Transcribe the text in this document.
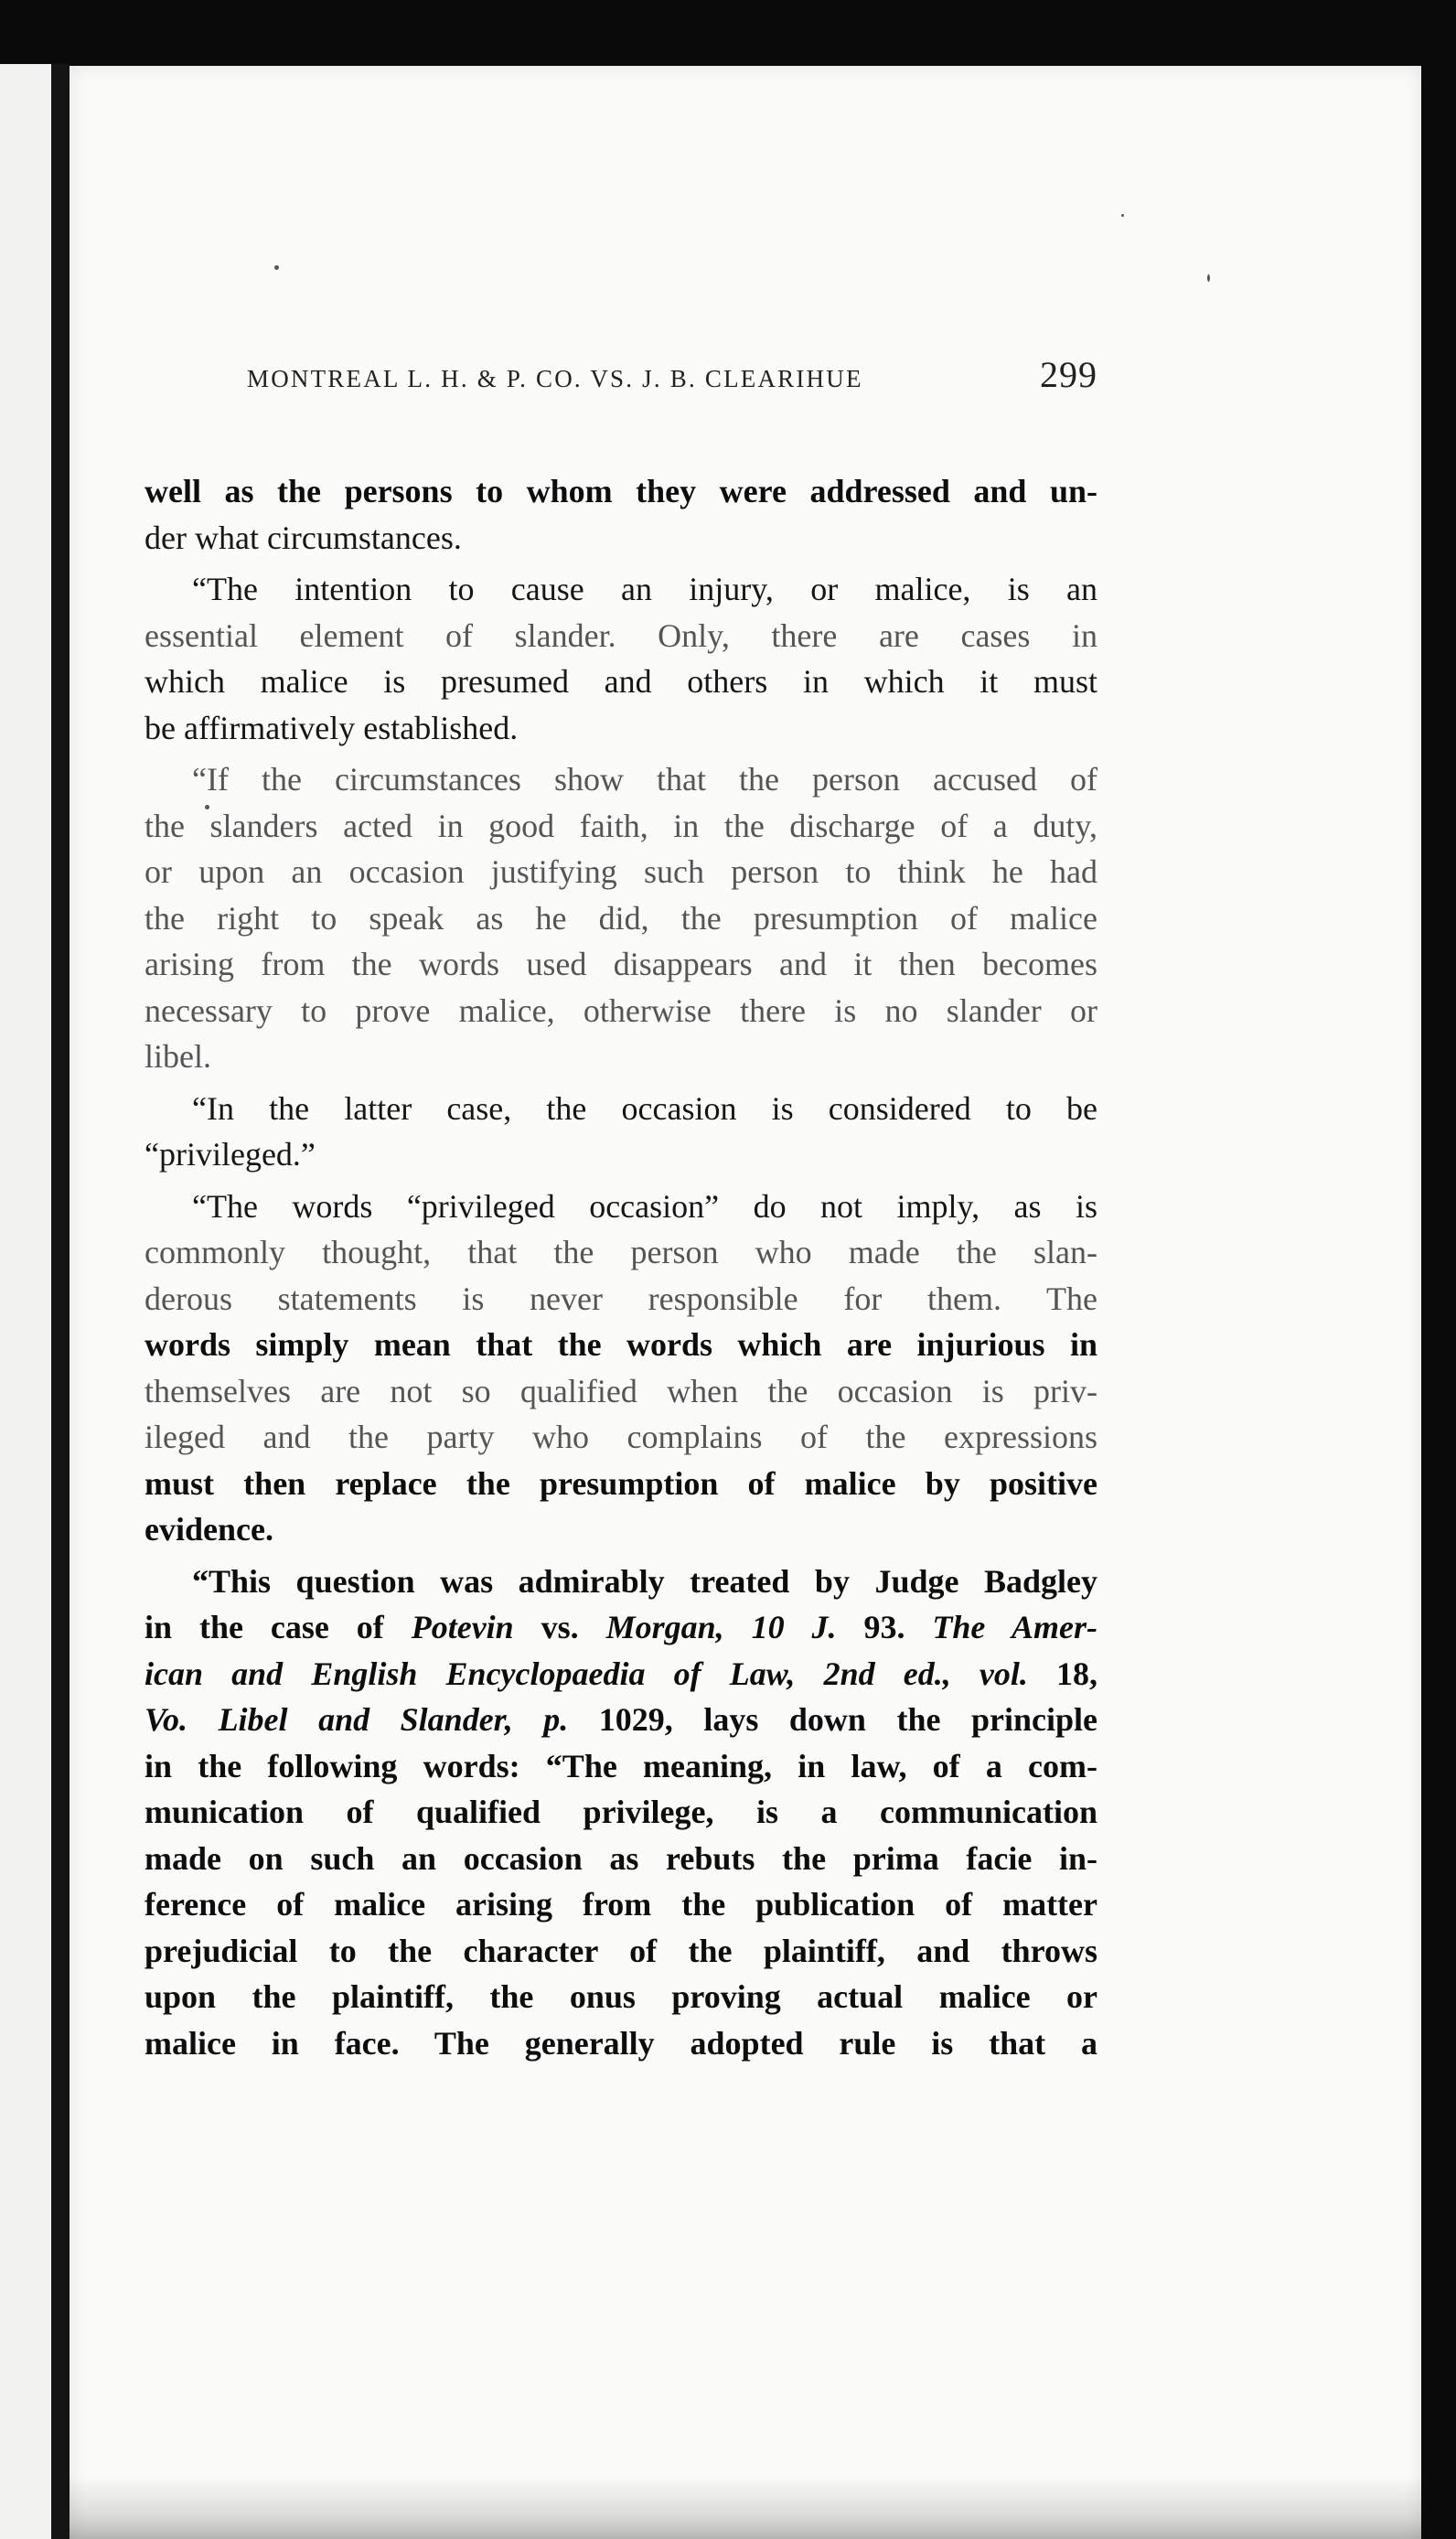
MONTREAL L. H. & P. CO. VS. J. B. CLEARIHUE	299
well as the persons to whom they were addressed and un-
der what circumstances.
“The intention to cause an injury, or malice, is an
essential element of slander. Only, there are cases in
which malice is presumed and others in which it must
be affirmatively established.
“If the circumstances show that the person accused of
the slanders acted in good faith, in the discharge of a duty,
or upon an occasion justifying such person to think he had
the right to speak as he did, the presumption of malice
arising from the words used disappears and it then becomes
necessary to prove malice, otherwise there is no slander or
libel.
“In the latter case, the occasion is considered to be
“privileged.”
“The words “privileged occasion” do not imply, as is
commonly thought, that the person who made the slan-
derous statements is never responsible for them. The
words simply mean that the words which are injurious in
themselves are not so qualified when the occasion is priv-
ileged and the party who complains of the expressions
must then replace the presumption of malice by positive
evidence.
“This question was admirably treated by Judge Badgley
in the case of Potevin vs. Morgan, 10 J. 93. The Amer-
ican and English Encyclopaedia of Law, 2nd ed., vol. 18,
Vo. Libel and Slander, p. 1029, lays down the principle
in the following words: “The meaning, in law, of a com-
munication of qualified privilege, is a communication
made on such an occasion as rebuts the prima facie in-
ference of malice arising from the publication of matter
prejudicial to the character of the plaintiff, and throws
upon the plaintiff, the onus proving actual malice or
malice in face. The generally adopted rule is that a
